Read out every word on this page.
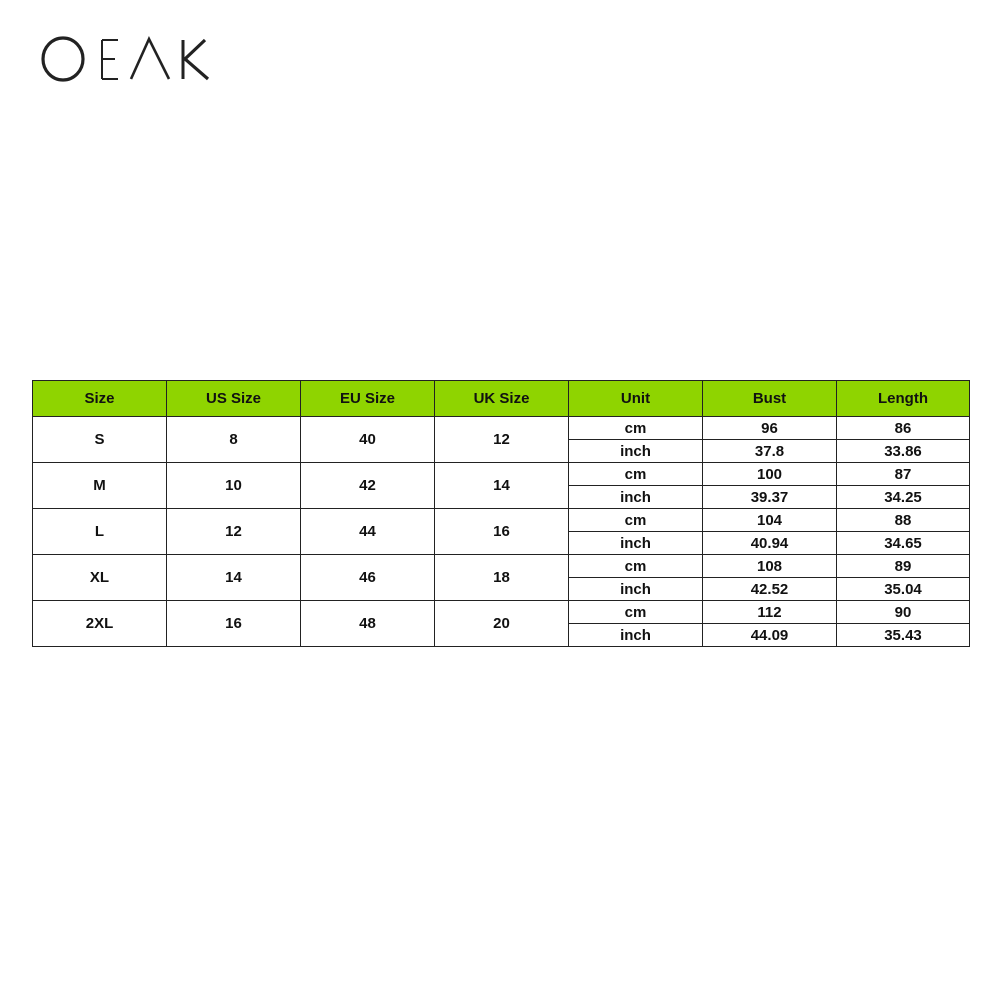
Size	US Size	EU Size	UK Size	Unit	Bust	Length
S	8	40	12	cm	96	86
				inch	37.8	33.86
M	10	42	14	cm	100	87
				inch	39.37	34.25
L	12	44	16	cm	104	88
				inch	40.94	34.65
XL	14	46	18	cm	108	89
				inch	42.52	35.04
2XL	16	48	20	cm	112	90
				inch	44.09	35.43
